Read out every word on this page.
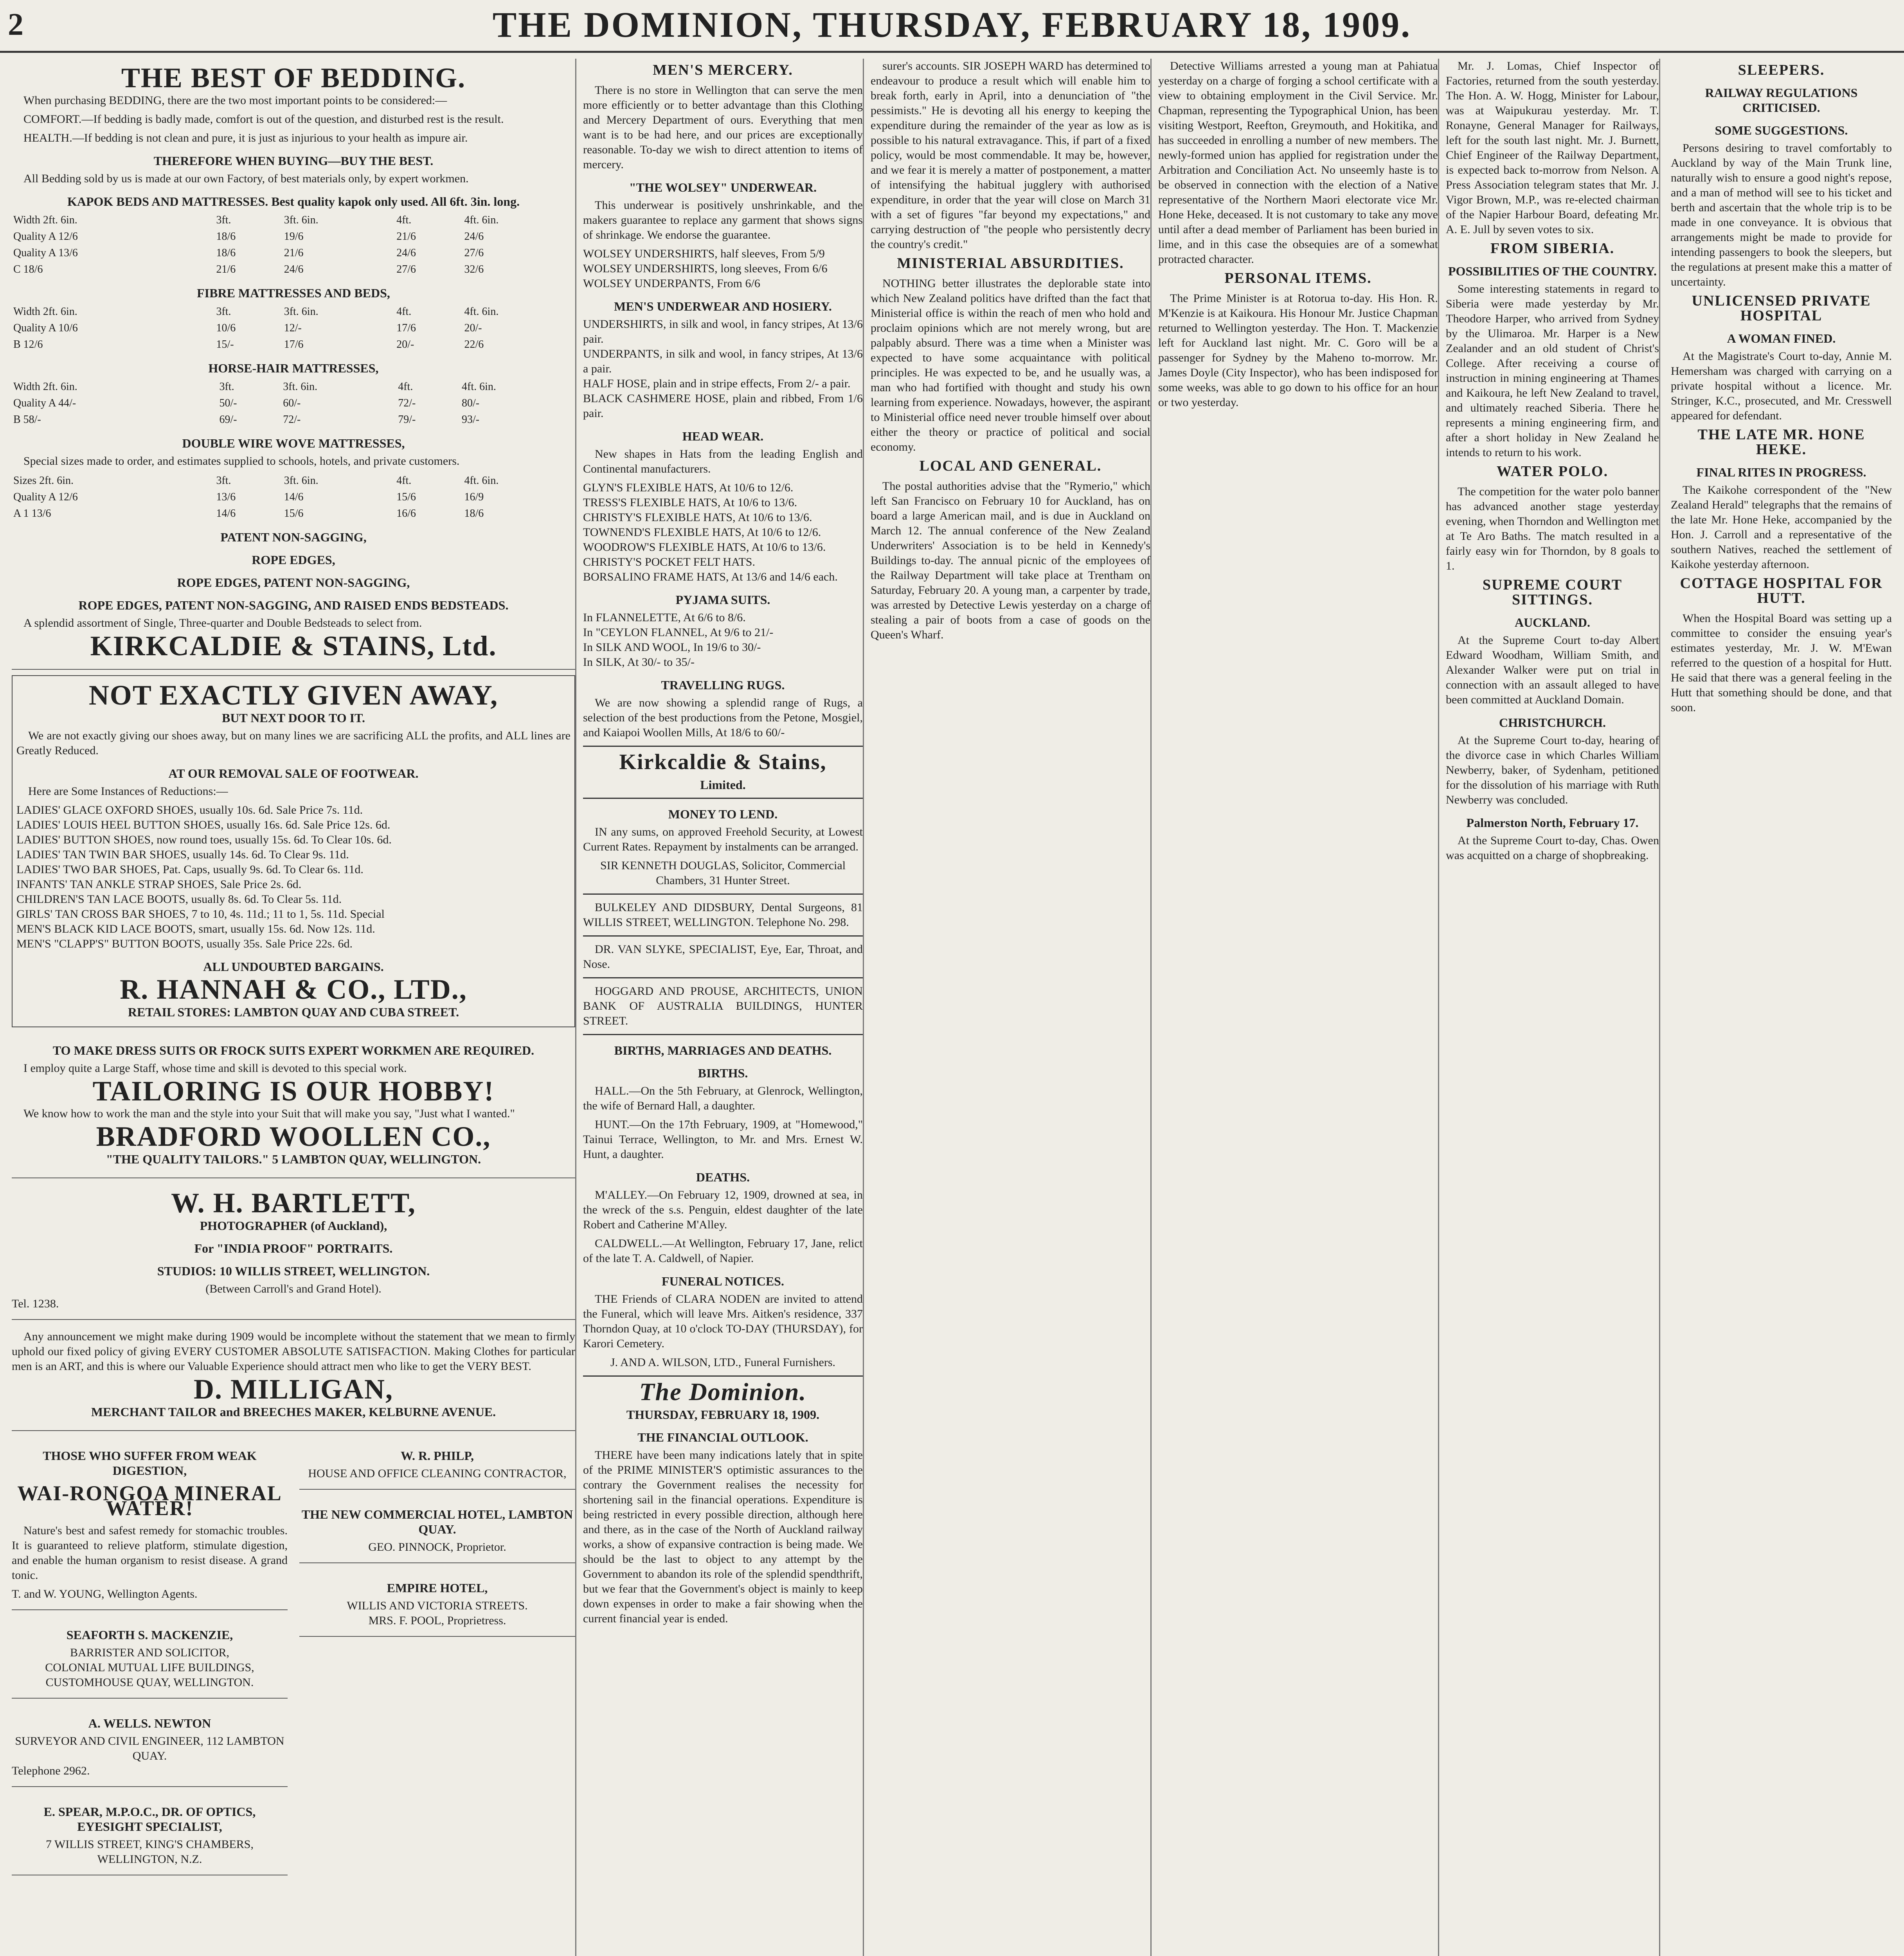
2	THE DOMINION, THURSDAY, FEBRUARY 18, 1909.
THE BEST OF BEDDING.

When purchasing BEDDING, there are the two most important points to be considered:—

COMFORT.—If bedding is badly made, comfort is out of the question, and disturbed rest is the result.

HEALTH.—If bedding is not clean and pure, it is just as injurious to your health as impure air.

THEREFORE WHEN BUYING—BUY THE BEST.

All Bedding sold by us is made at our own Factory, of best materials only, by expert workmen.

KAPOK BEDS AND MATTRESSES. Best quality kapok only used. All 6ft. 3in. long.
Width 2ft. 6in.	3ft.	3ft. 6in.	4ft.	4ft. 6in.
Quality A 12/6	18/6	19/6	21/6	24/6
Quality A 13/6	18/6	21/6	24/6	27/6
C 18/6	21/6	24/6	27/6	32/6
FIBRE MATTRESSES AND BEDS,
Width 2ft. 6in.	3ft.	3ft. 6in.	4ft.	4ft. 6in.
Quality A 10/6	10/6	12/-	17/6	20/-
B 12/6	15/-	17/6	20/-	22/6
HORSE-HAIR MATTRESSES,
Width 2ft. 6in.	3ft.	3ft. 6in.	4ft.	4ft. 6in.
Quality A 44/-	50/-	60/-	72/-	80/-
B 58/-	69/-	72/-	79/-	93/-
DOUBLE WIRE WOVE MATTRESSES,

Special sizes made to order, and estimates supplied to schools, hotels, and private customers.

Sizes 2ft. 6in.	3ft.	3ft. 6in.	4ft.	4ft. 6in.
Quality A 12/6	13/6	14/6	15/6	16/9
A 1 13/6	14/6	15/6	16/6	18/6
PATENT NON-SAGGING,
ROPE EDGES,
ROPE EDGES, PATENT NON-SAGGING,
ROPE EDGES, PATENT NON-SAGGING, AND RAISED ENDS BEDSTEADS.

A splendid assortment of Single, Three-quarter and Double Bedsteads to select from.

KIRKCALDIE & STAINS, Ltd.
NOT EXACTLY GIVEN AWAY,
BUT NEXT DOOR TO IT.

We are not exactly giving our shoes away, but on many lines we are sacrificing ALL the profits, and ALL lines are Greatly Reduced.

AT OUR REMOVAL SALE OF FOOTWEAR.

Here are Some Instances of Reductions:—

LADIES' GLACE OXFORD SHOES, usually 10s. 6d. Sale Price 7s. 11d.
LADIES' LOUIS HEEL BUTTON SHOES, usually 16s. 6d. Sale Price 12s. 6d.
LADIES' BUTTON SHOES, now round toes, usually 15s. 6d. To Clear 10s. 6d.
LADIES' TAN TWIN BAR SHOES, usually 14s. 6d. To Clear 9s. 11d.
LADIES' TWO BAR SHOES, Pat. Caps, usually 9s. 6d. To Clear 6s. 11d.
INFANTS' TAN ANKLE STRAP SHOES, Sale Price 2s. 6d.
CHILDREN'S TAN LACE BOOTS, usually 8s. 6d. To Clear 5s. 11d.
GIRLS' TAN CROSS BAR SHOES, 7 to 10, 4s. 11d.; 11 to 1, 5s. 11d. Special
MEN'S BLACK KID LACE BOOTS, smart, usually 15s. 6d. Now 12s. 11d.
MEN'S "CLAPP'S" BUTTON BOOTS, usually 35s. Sale Price 22s. 6d.
ALL UNDOUBTED BARGAINS.
R. HANNAH & CO., LTD.,
RETAIL STORES: LAMBTON QUAY AND CUBA STREET.
TO MAKE DRESS SUITS OR FROCK SUITS EXPERT WORKMEN ARE REQUIRED.

I employ quite a Large Staff, whose time and skill is devoted to this special work.

TAILORING IS OUR HOBBY!

We know how to work the man and the style into your Suit that will make you say, "Just what I wanted."

BRADFORD WOOLLEN CO.,
"THE QUALITY TAILORS." 5 LAMBTON QUAY, WELLINGTON.
W. H. BARTLETT,
PHOTOGRAPHER (of Auckland),
For "INDIA PROOF" PORTRAITS.
STUDIOS: 10 WILLIS STREET, WELLINGTON.
(Between Carroll's and Grand Hotel).
Tel. 1238.

Any announcement we might make during 1909 would be incomplete without the statement that we mean to firmly uphold our fixed policy of giving EVERY CUSTOMER ABSOLUTE SATISFACTION. Making Clothes for particular men is an ART, and this is where our Valuable Experience should attract men who like to get the VERY BEST.

D. MILLIGAN,
MERCHANT TAILOR and BREECHES MAKER, KELBURNE AVENUE.
THOSE WHO SUFFER FROM WEAK DIGESTION,
WAI-RONGOA MINERAL WATER!

Nature's best and safest remedy for stomachic troubles. It is guaranteed to relieve platform, stimulate digestion, and enable the human organism to resist disease. A grand tonic.

T. and W. YOUNG, Wellington Agents.
SEAFORTH S. MACKENZIE,
BARRISTER AND SOLICITOR,
COLONIAL MUTUAL LIFE BUILDINGS, CUSTOMHOUSE QUAY, WELLINGTON.
A. WELLS. NEWTON
SURVEYOR AND CIVIL ENGINEER, 112 LAMBTON QUAY.
Telephone 2962.
E. SPEAR, M.P.O.C., DR. OF OPTICS, EYESIGHT SPECIALIST,
7 WILLIS STREET, KING'S CHAMBERS, WELLINGTON, N.Z.
W. R. PHILP,
HOUSE AND OFFICE CLEANING CONTRACTOR,
THE NEW COMMERCIAL HOTEL, LAMBTON QUAY.
GEO. PINNOCK, Proprietor.
EMPIRE HOTEL,
WILLIS AND VICTORIA STREETS.
MRS. F. POOL, Proprietress.
MEN'S MERCERY.

There is no store in Wellington that can serve the men more efficiently or to better advantage than this Clothing and Mercery Department of ours. Everything that men want is to be had here, and our prices are exceptionally reasonable. To-day we wish to direct attention to items of mercery.

"THE WOLSEY" UNDERWEAR.

This underwear is positively unshrinkable, and the makers guarantee to replace any garment that shows signs of shrinkage. We endorse the guarantee.

WOLSEY UNDERSHIRTS, half sleeves, From 5/9
WOLSEY UNDERSHIRTS, long sleeves, From 6/6
WOLSEY UNDERPANTS, From 6/6
MEN'S UNDERWEAR AND HOSIERY.
UNDERSHIRTS, in silk and wool, in fancy stripes, At 13/6 pair.
UNDERPANTS, in silk and wool, in fancy stripes, At 13/6 a pair.
HALF HOSE, plain and in stripe effects, From 2/- a pair.
BLACK CASHMERE HOSE, plain and ribbed, From 1/6 pair.
HEAD WEAR.

New shapes in Hats from the leading English and Continental manufacturers.

GLYN'S FLEXIBLE HATS, At 10/6 to 12/6.
TRESS'S FLEXIBLE HATS, At 10/6 to 13/6.
CHRISTY'S FLEXIBLE HATS, At 10/6 to 13/6.
TOWNEND'S FLEXIBLE HATS, At 10/6 to 12/6.
WOODROW'S FLEXIBLE HATS, At 10/6 to 13/6.
CHRISTY'S POCKET FELT HATS.
BORSALINO FRAME HATS, At 13/6 and 14/6 each.
PYJAMA SUITS.
In FLANNELETTE, At 6/6 to 8/6.
In "CEYLON FLANNEL, At 9/6 to 21/-
In SILK AND WOOL, In 19/6 to 30/-
In SILK, At 30/- to 35/-
TRAVELLING RUGS.

We are now showing a splendid range of Rugs, a selection of the best productions from the Petone, Mosgiel, and Kaiapoi Woollen Mills, At 18/6 to 60/-

Kirkcaldie & Stains,
Limited.
MONEY TO LEND.

IN any sums, on approved Freehold Security, at Lowest Current Rates. Repayment by instalments can be arranged.

SIR KENNETH DOUGLAS, Solicitor, Commercial Chambers, 31 Hunter Street.

BULKELEY AND DIDSBURY, Dental Surgeons, 81 WILLIS STREET, WELLINGTON. Telephone No. 298.

DR. VAN SLYKE, SPECIALIST, Eye, Ear, Throat, and Nose.

HOGGARD AND PROUSE, ARCHITECTS, UNION BANK OF AUSTRALIA BUILDINGS, HUNTER STREET.

BIRTHS, MARRIAGES AND DEATHS.
BIRTHS.

HALL.—On the 5th February, at Glenrock, Wellington, the wife of Bernard Hall, a daughter.

HUNT.—On the 17th February, 1909, at "Homewood," Tainui Terrace, Wellington, to Mr. and Mrs. Ernest W. Hunt, a daughter.

DEATHS.

M'ALLEY.—On February 12, 1909, drowned at sea, in the wreck of the s.s. Penguin, eldest daughter of the late Robert and Catherine M'Alley.

CALDWELL.—At Wellington, February 17, Jane, relict of the late T. A. Caldwell, of Napier.

FUNERAL NOTICES.

THE Friends of CLARA NODEN are invited to attend the Funeral, which will leave Mrs. Aitken's residence, 337 Thorndon Quay, at 10 o'clock TO-DAY (THURSDAY), for Karori Cemetery.

J. AND A. WILSON, LTD., Funeral Furnishers.
The Dominion.
THURSDAY, FEBRUARY 18, 1909.
THE FINANCIAL OUTLOOK.

THERE have been many indications lately that in spite of the PRIME MINISTER'S optimistic assurances to the contrary the Government realises the necessity for shortening sail in the financial operations. Expenditure is being restricted in every possible direction, although here and there, as in the case of the North of Auckland railway works, a show of expansive contraction is being made. We should be the last to object to any attempt by the Government to abandon its role of the splendid spendthrift, but we fear that the Government's object is mainly to keep down expenses in order to make a fair showing when the current financial year is ended.

surer's accounts. SIR JOSEPH WARD has determined to endeavour to produce a result which will enable him to break forth, early in April, into a denunciation of "the pessimists." He is devoting all his energy to keeping the expenditure during the remainder of the year as low as is possible to his natural extravagance. This, if part of a fixed policy, would be most commendable. It may be, however, and we fear it is merely a matter of postponement, a matter of intensifying the habitual jugglery with authorised expenditure, in order that the year will close on March 31 with a set of figures "far beyond my expectations," and carrying destruction of "the people who persistently decry the country's credit."

MINISTERIAL ABSURDITIES.

NOTHING better illustrates the deplorable state into which New Zealand politics have drifted than the fact that Ministerial office is within the reach of men who hold and proclaim opinions which are not merely wrong, but are palpably absurd. There was a time when a Minister was expected to have some acquaintance with political principles. He was expected to be, and he usually was, a man who had fortified with thought and study his own learning from experience. Nowadays, however, the aspirant to Ministerial office need never trouble himself over about either the theory or practice of political and social economy.

LOCAL AND GENERAL.

The postal authorities advise that the "Rymerio," which left San Francisco on February 10 for Auckland, has on board a large American mail, and is due in Auckland on March 12. The annual conference of the New Zealand Underwriters' Association is to be held in Kennedy's Buildings to-day. The annual picnic of the employees of the Railway Department will take place at Trentham on Saturday, February 20. A young man, a carpenter by trade, was arrested by Detective Lewis yesterday on a charge of stealing a pair of boots from a case of goods on the Queen's Wharf.

Detective Williams arrested a young man at Pahiatua yesterday on a charge of forging a school certificate with a view to obtaining employment in the Civil Service. Mr. Chapman, representing the Typographical Union, has been visiting Westport, Reefton, Greymouth, and Hokitika, and has succeeded in enrolling a number of new members. The newly-formed union has applied for registration under the Arbitration and Conciliation Act. No unseemly haste is to be observed in connection with the election of a Native representative of the Northern Maori electorate vice Mr. Hone Heke, deceased. It is not customary to take any move until after a dead member of Parliament has been buried in lime, and in this case the obsequies are of a somewhat protracted character.

PERSONAL ITEMS.

The Prime Minister is at Rotorua to-day. His Hon. R. M'Kenzie is at Kaikoura. His Honour Mr. Justice Chapman returned to Wellington yesterday. The Hon. T. Mackenzie left for Auckland last night. Mr. C. Goro will be a passenger for Sydney by the Maheno to-morrow. Mr. James Doyle (City Inspector), who has been indisposed for some weeks, was able to go down to his office for an hour or two yesterday.

Mr. J. Lomas, Chief Inspector of Factories, returned from the south yesterday. The Hon. A. W. Hogg, Minister for Labour, was at Waipukurau yesterday. Mr. T. Ronayne, General Manager for Railways, left for the south last night. Mr. J. Burnett, Chief Engineer of the Railway Department, is expected back to-morrow from Nelson. A Press Association telegram states that Mr. J. Vigor Brown, M.P., was re-elected chairman of the Napier Harbour Board, defeating Mr. A. E. Jull by seven votes to six.

FROM SIBERIA.
POSSIBILITIES OF THE COUNTRY.

Some interesting statements in regard to Siberia were made yesterday by Mr. Theodore Harper, who arrived from Sydney by the Ulimaroa. Mr. Harper is a New Zealander and an old student of Christ's College. After receiving a course of instruction in mining engineering at Thames and Kaikoura, he left New Zealand to travel, and ultimately reached Siberia. There he represents a mining engineering firm, and after a short holiday in New Zealand he intends to return to his work.

WATER POLO.

The competition for the water polo banner has advanced another stage yesterday evening, when Thorndon and Wellington met at Te Aro Baths. The match resulted in a fairly easy win for Thorndon, by 8 goals to 1.

SUPREME COURT SITTINGS.
AUCKLAND.

At the Supreme Court to-day Albert Edward Woodham, William Smith, and Alexander Walker were put on trial in connection with an assault alleged to have been committed at Auckland Domain.

CHRISTCHURCH.

At the Supreme Court to-day, hearing of the divorce case in which Charles William Newberry, baker, of Sydenham, petitioned for the dissolution of his marriage with Ruth Newberry was concluded.

Palmerston North, February 17.

At the Supreme Court to-day, Chas. Owen was acquitted on a charge of shopbreaking.

SLEEPERS.
RAILWAY REGULATIONS CRITICISED.
SOME SUGGESTIONS.

Persons desiring to travel comfortably to Auckland by way of the Main Trunk line, naturally wish to ensure a good night's repose, and a man of method will see to his ticket and berth and ascertain that the whole trip is to be made in one conveyance. It is obvious that arrangements might be made to provide for intending passengers to book the sleepers, but the regulations at present make this a matter of uncertainty.

UNLICENSED PRIVATE HOSPITAL
A WOMAN FINED.

At the Magistrate's Court to-day, Annie M. Hemersham was charged with carrying on a private hospital without a licence. Mr. Stringer, K.C., prosecuted, and Mr. Cresswell appeared for defendant.

THE LATE MR. HONE HEKE.
FINAL RITES IN PROGRESS.

The Kaikohe correspondent of the "New Zealand Herald" telegraphs that the remains of the late Mr. Hone Heke, accompanied by the Hon. J. Carroll and a representative of the southern Natives, reached the settlement of Kaikohe yesterday afternoon.

COTTAGE HOSPITAL FOR HUTT.

When the Hospital Board was setting up a committee to consider the ensuing year's estimates yesterday, Mr. J. W. M'Ewan referred to the question of a hospital for Hutt. He said that there was a general feeling in the Hutt that something should be done, and that soon.
